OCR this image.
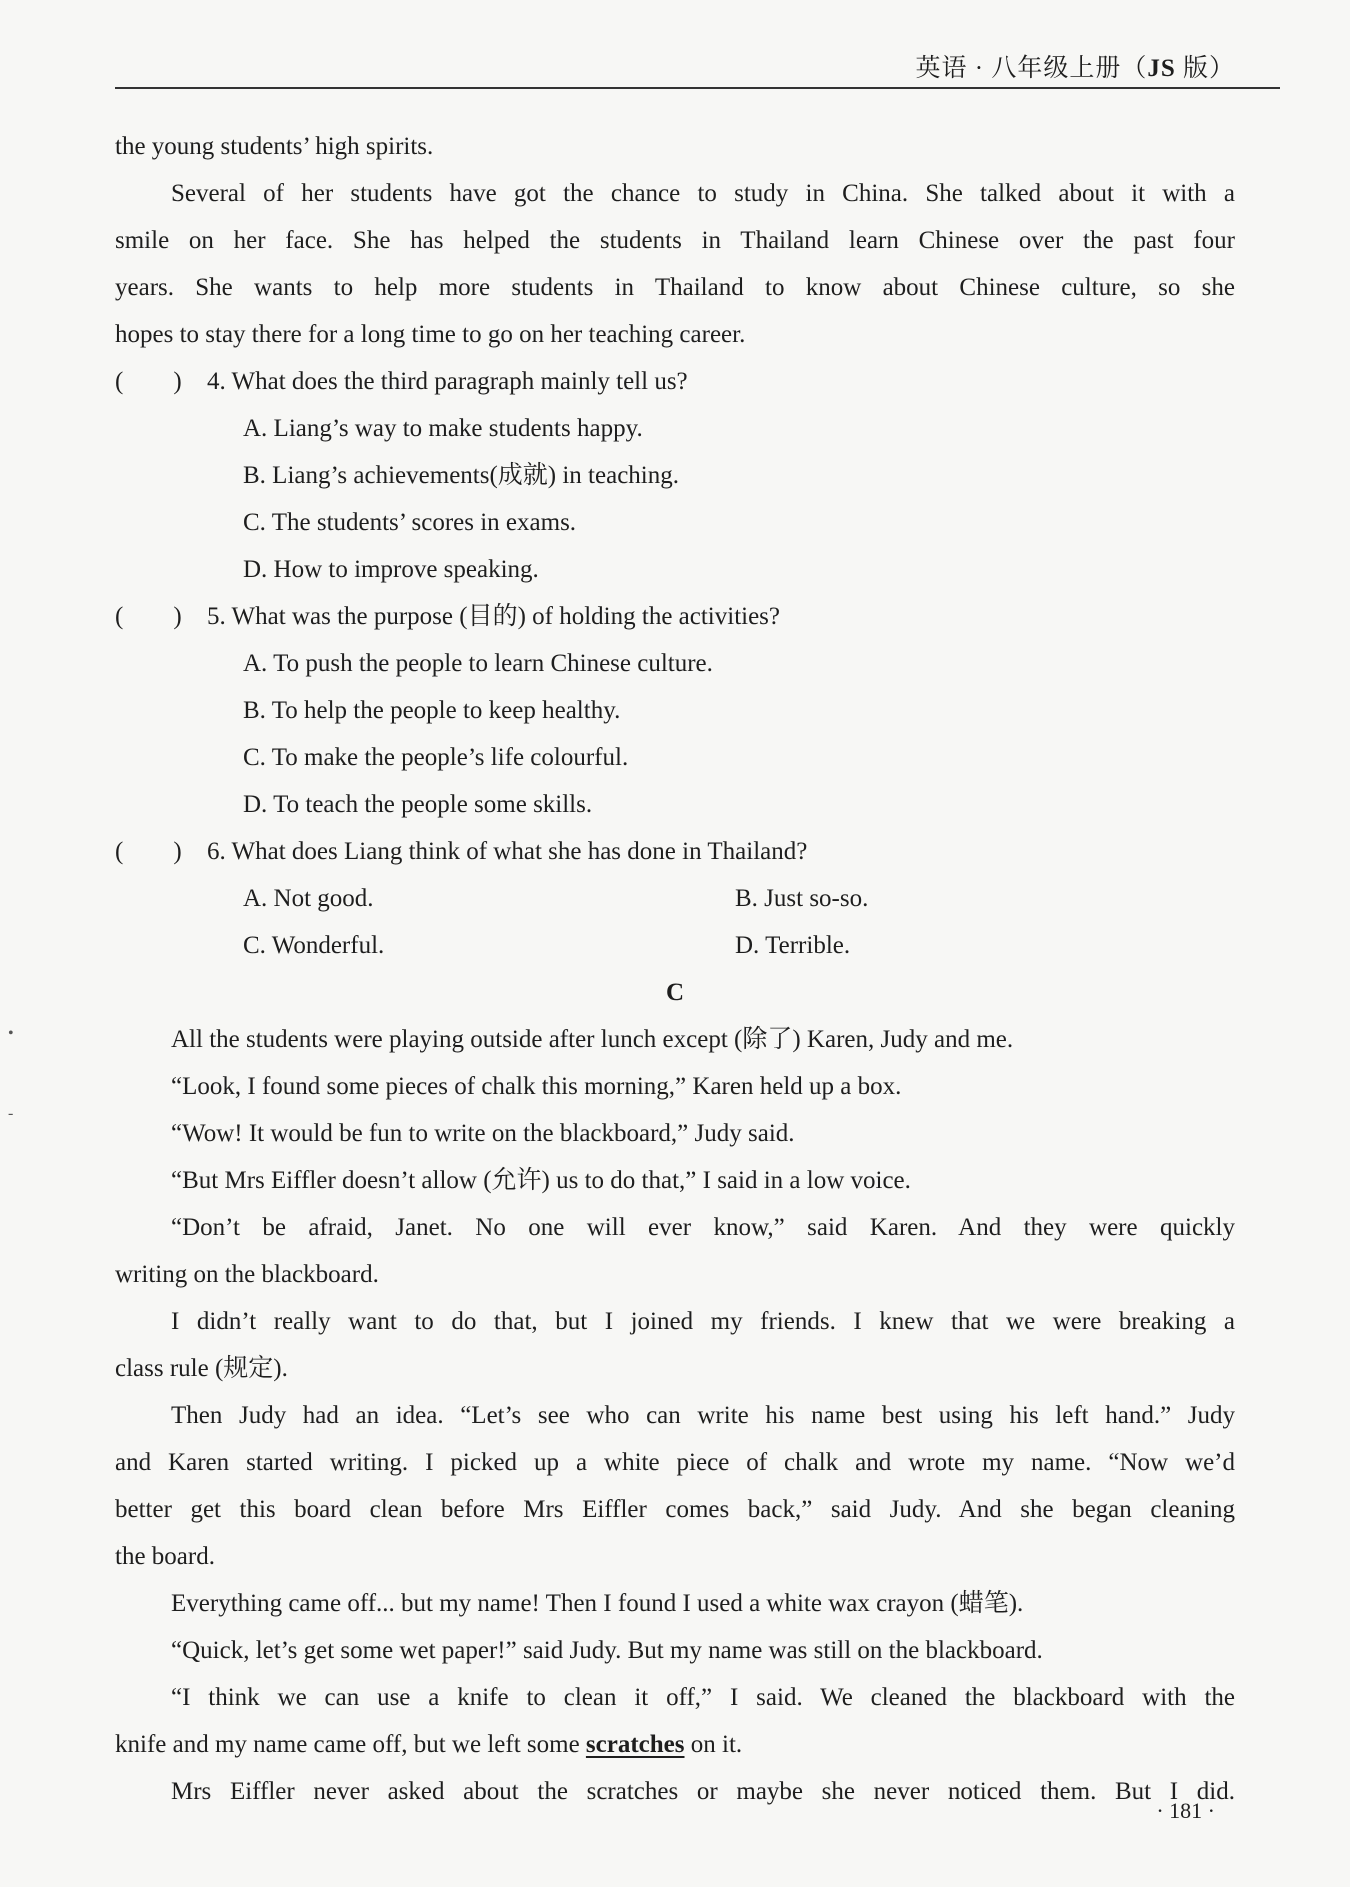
英语 · 八年级上册（JS 版）
•
-
the young students’ high spirits.
Several of her students have got the chance to study in China. She talked about it with a
smile on her face. She has helped the students in Thailand learn Chinese over the past four
years. She wants to help more students in Thailand to know about Chinese culture, so she
hopes to stay there for a long time to go on her teaching career.
(　　) 4. What does the third paragraph mainly tell us?
A. Liang’s way to make students happy.
B. Liang’s achievements(成就) in teaching.
C. The students’ scores in exams.
D. How to improve speaking.
(　　) 5. What was the purpose (目的) of holding the activities?
A. To push the people to learn Chinese culture.
B. To help the people to keep healthy.
C. To make the people’s life colourful.
D. To teach the people some skills.
(　　) 6. What does Liang think of what she has done in Thailand?
A. Not good.	B. Just so-so.
C. Wonderful.	D. Terrible.
C
All the students were playing outside after lunch except (除了) Karen, Judy and me.
“Look, I found some pieces of chalk this morning,” Karen held up a box.
“Wow! It would be fun to write on the blackboard,” Judy said.
“But Mrs Eiffler doesn’t allow (允许) us to do that,” I said in a low voice.
“Don’t be afraid, Janet. No one will ever know,” said Karen. And they were quickly
writing on the blackboard.
I didn’t really want to do that, but I joined my friends. I knew that we were breaking a
class rule (规定).
Then Judy had an idea. “Let’s see who can write his name best using his left hand.” Judy
and Karen started writing. I picked up a white piece of chalk and wrote my name. “Now we’d
better get this board clean before Mrs Eiffler comes back,” said Judy. And she began cleaning
the board.
Everything came off... but my name! Then I found I used a white wax crayon (蜡笔).
“Quick, let’s get some wet paper!” said Judy. But my name was still on the blackboard.
“I think we can use a knife to clean it off,” I said. We cleaned the blackboard with the
knife and my name came off, but we left some scratches on it.
Mrs Eiffler never asked about the scratches or maybe she never noticed them. But I did.
· 181 ·
